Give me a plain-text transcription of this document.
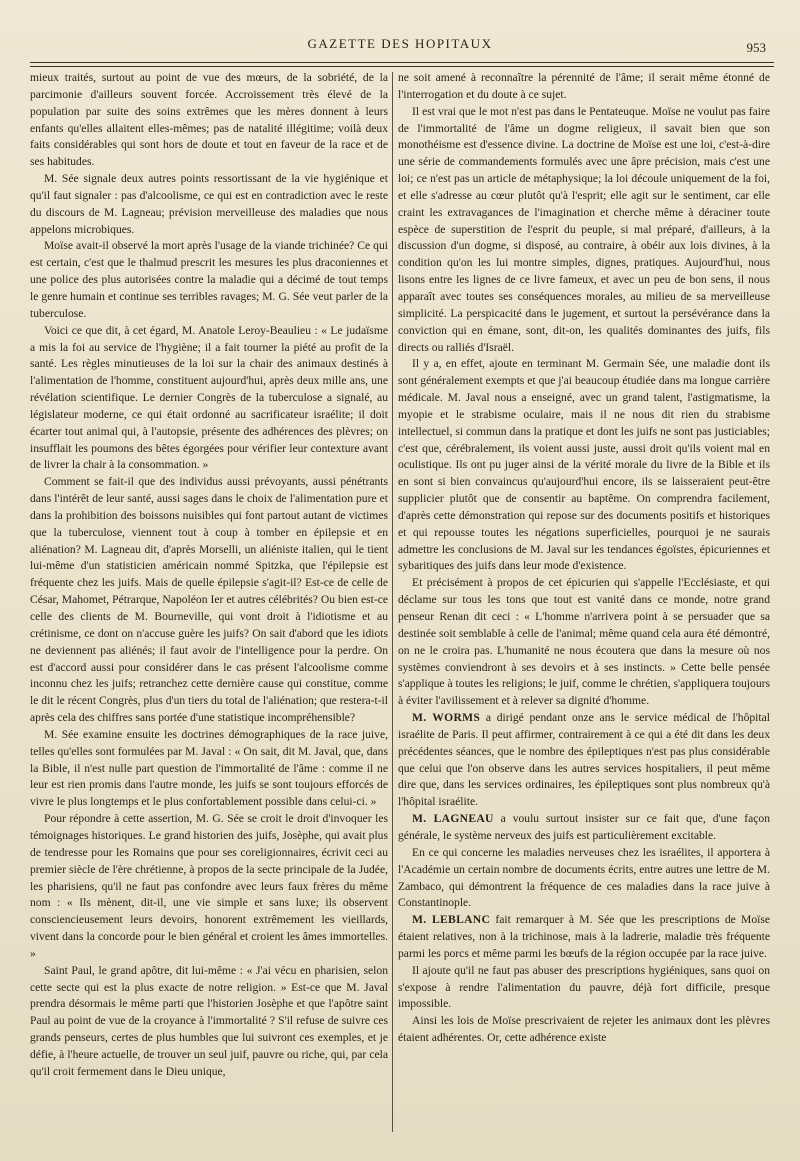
GAZETTE DES HOPITAUX	953

mieux traités, surtout au point de vue des mœurs, de la sobriété, de la parcimonie d'ailleurs souvent forcée. Accroissement très élevé de la population par suite des soins extrêmes que les mères donnent à leurs enfants qu'elles allaitent elles-mêmes; pas de natalité illégitime; voilà deux faits considérables qui sont hors de doute et tout en faveur de la race et de ses habitudes.

M. Sée signale deux autres points ressortissant de la vie hygiénique et qu'il faut signaler : pas d'alcoolisme, ce qui est en contradiction avec le reste du discours de M. Lagneau; prévision merveilleuse des maladies que nous appelons microbiques.

Moïse avait-il observé la mort après l'usage de la viande trichinée? Ce qui est certain, c'est que le thalmud prescrit les mesures les plus draconiennes et une police des plus autorisées contre la maladie qui a décimé de tout temps le genre humain et continue ses terribles ravages; M. G. Sée veut parler de la tuberculose.

Voici ce que dit, à cet égard, M. Anatole Leroy-Beaulieu : « Le judaïsme a mis la foi au service de l'hygiène; il a fait tourner la piété au profit de la santé. Les règles minutieuses de la loi sur la chair des animaux destinés à l'alimentation de l'homme, constituent aujourd'hui, après deux mille ans, une révélation scientifique. Le dernier Congrès de la tuberculose a signalé, au législateur moderne, ce qui était ordonné au sacrificateur israélite; il doit écarter tout animal qui, à l'autopsie, présente des adhérences des plèvres; on insufflait les poumons des bêtes égorgées pour vérifier leur contexture avant de livrer la chair à la consommation. »

Comment se fait-il que des individus aussi prévoyants, aussi pénétrants dans l'intérêt de leur santé, aussi sages dans le choix de l'alimentation pure et dans la prohibition des boissons nuisibles qui font partout autant de victimes que la tuberculose, viennent tout à coup à tomber en épilepsie et en aliénation? M. Lagneau dit, d'après Morselli, un aliéniste italien, qui le tient lui-même d'un statisticien américain nommé Spitzka, que l'épilepsie est fréquente chez les juifs. Mais de quelle épilepsie s'agit-il? Est-ce de celle de César, Mahomet, Pétrarque, Napoléon Ier et autres célébrités? Ou bien est-ce celle des clients de M. Bourneville, qui vont droit à l'idiotisme et au crétinisme, ce dont on n'accuse guère les juifs? On sait d'abord que les idiots ne deviennent pas aliénés; il faut avoir de l'intelligence pour la perdre. On est d'accord aussi pour considérer dans le cas présent l'alcoolisme comme inconnu chez les juifs; retranchez cette dernière cause qui constitue, comme le dit le récent Congrès, plus d'un tiers du total de l'aliénation; que restera-t-il après cela des chiffres sans portée d'une statistique incompréhensible?

M. Sée examine ensuite les doctrines démographiques de la race juive, telles qu'elles sont formulées par M. Javal : « On sait, dit M. Javal, que, dans la Bible, il n'est nulle part question de l'immortalité de l'âme : comme il ne leur est rien promis dans l'autre monde, les juifs se sont toujours efforcés de vivre le plus longtemps et le plus confortablement possible dans celui-ci. »

Pour répondre à cette assertion, M. G. Sée se croit le droit d'invoquer les témoignages historiques. Le grand historien des juifs, Josèphe, qui avait plus de tendresse pour les Romains que pour ses coreligionnaires, écrivit ceci au premier siècle de l'ère chrétienne, à propos de la secte principale de la Judée, les pharisiens, qu'il ne faut pas confondre avec leurs faux frères du même nom : « Ils mènent, dit-il, une vie simple et sans luxe; ils observent consciencieusement leurs devoirs, honorent extrêmement les vieillards, vivent dans la concorde pour le bien général et croient les âmes immortelles. »

Saint Paul, le grand apôtre, dit lui-même : « J'ai vécu en pharisien, selon cette secte qui est la plus exacte de notre religion. » Est-ce que M. Javal prendra désormais le même parti que l'historien Josèphe et que l'apôtre saint Paul au point de vue de la croyance à l'immortalité ? S'il refuse de suivre ces grands penseurs, certes de plus humbles que lui suivront ces exemples, et je défie, à l'heure actuelle, de trouver un seul juif, pauvre ou riche, qui, par cela qu'il croit fermement dans le Dieu unique,

ne soit amené à reconnaître la pérennité de l'âme; il serait même étonné de l'interrogation et du doute à ce sujet.

Il est vrai que le mot n'est pas dans le Pentateuque. Moïse ne voulut pas faire de l'immortalité de l'âme un dogme religieux, il savait bien que son monothéisme est d'essence divine. La doctrine de Moïse est une loi, c'est-à-dire une série de commandements formulés avec une âpre précision, mais c'est une loi; ce n'est pas un article de métaphysique; la loi découle uniquement de la foi, et elle s'adresse au cœur plutôt qu'à l'esprit; elle agit sur le sentiment, car elle craint les extravagances de l'imagination et cherche même à déraciner toute espèce de superstition de l'esprit du peuple, si mal préparé, d'ailleurs, à la discussion d'un dogme, si disposé, au contraire, à obéir aux lois divines, à la condition qu'on les lui montre simples, dignes, pratiques. Aujourd'hui, nous lisons entre les lignes de ce livre fameux, et avec un peu de bon sens, il nous apparaît avec toutes ses conséquences morales, au milieu de sa merveilleuse simplicité. La perspicacité dans le jugement, et surtout la persévérance dans la conviction qui en émane, sont, dit-on, les qualités dominantes des juifs, fils directs ou ralliés d'Israël.

Il y a, en effet, ajoute en terminant M. Germain Sée, une maladie dont ils sont généralement exempts et que j'ai beaucoup étudiée dans ma longue carrière médicale. M. Javal nous a enseigné, avec un grand talent, l'astigmatisme, la myopie et le strabisme oculaire, mais il ne nous dit rien du strabisme intellectuel, si commun dans la pratique et dont les juifs ne sont pas justiciables; c'est que, cérébralement, ils voient aussi juste, aussi droit qu'ils voient mal en oculistique. Ils ont pu juger ainsi de la vérité morale du livre de la Bible et ils en sont si bien convaincus qu'aujourd'hui encore, ils se laisseraient peut-être supplicier plutôt que de consentir au baptême. On comprendra facilement, d'après cette démonstration qui repose sur des documents positifs et historiques et qui repousse toutes les négations superficielles, pourquoi je ne saurais admettre les conclusions de M. Javal sur les tendances égoïstes, épicuriennes et sybaritiques des juifs dans leur mode d'existence.

Et précisément à propos de cet épicurien qui s'appelle l'Ecclésiaste, et qui déclame sur tous les tons que tout est vanité dans ce monde, notre grand penseur Renan dit ceci : « L'homme n'arrivera point à se persuader que sa destinée soit semblable à celle de l'animal; même quand cela aura été démontré, on ne le croira pas. L'humanité ne nous écoutera que dans la mesure où nos systèmes conviendront à ses devoirs et à ses instincts. » Cette belle pensée s'applique à toutes les religions; le juif, comme le chrétien, s'appliquera toujours à éviter l'avilissement et à relever sa dignité d'homme.

M. WORMS a dirigé pendant onze ans le service médical de l'hôpital israélite de Paris. Il peut affirmer, contrairement à ce qui a été dit dans les deux précédentes séances, que le nombre des épileptiques n'est pas plus considérable que celui que l'on observe dans les autres services hospitaliers, il peut même dire que, dans les services ordinaires, les épileptiques sont plus nombreux qu'à l'hôpital israélite.

M. LAGNEAU a voulu surtout insister sur ce fait que, d'une façon générale, le système nerveux des juifs est particulièrement excitable.

En ce qui concerne les maladies nerveuses chez les israélites, il apportera à l'Académie un certain nombre de documents écrits, entre autres une lettre de M. Zambaco, qui démontrent la fréquence de ces maladies dans la race juive à Constantinople.

M. LEBLANC fait remarquer à M. Sée que les prescriptions de Moïse étaient relatives, non à la trichinose, mais à la ladrerie, maladie très fréquente parmi les porcs et même parmi les bœufs de la région occupée par la race juive.

Il ajoute qu'il ne faut pas abuser des prescriptions hygiéniques, sans quoi on s'expose à rendre l'alimentation du pauvre, déjà fort difficile, presque impossible.

Ainsi les lois de Moïse prescrivaient de rejeter les animaux dont les plèvres étaient adhérentes. Or, cette adhérence existe
